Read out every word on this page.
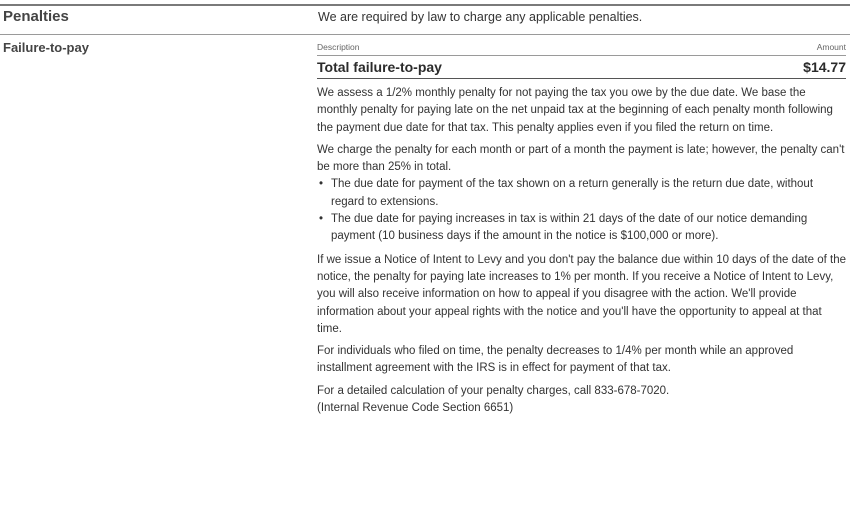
Penalties	We are required by law to charge any applicable penalties.
Failure-to-pay	Description	Amount
Total failure-to-pay	$14.77

We assess a 1/2% monthly penalty for not paying the tax you owe by the due date. We base the monthly penalty for paying late on the net unpaid tax at the beginning of each penalty month following the payment due date for that tax. This penalty applies even if you filed the return on time.

We charge the penalty for each month or part of a month the payment is late; however, the penalty can't be more than 25% in total.

• The due date for payment of the tax shown on a return generally is the return due date, without regard to extensions.
• The due date for paying increases in tax is within 21 days of the date of our notice demanding payment (10 business days if the amount in the notice is $100,000 or more).

If we issue a Notice of Intent to Levy and you don't pay the balance due within 10 days of the date of the notice, the penalty for paying late increases to 1% per month. If you receive a Notice of Intent to Levy, you will also receive information on how to appeal if you disagree with the action. We'll provide information about your appeal rights with the notice and you'll have the opportunity to appeal at that time.

For individuals who filed on time, the penalty decreases to 1/4% per month while an approved installment agreement with the IRS is in effect for payment of that tax.

For a detailed calculation of your penalty charges, call 833-678-7020.

(Internal Revenue Code Section 6651)
